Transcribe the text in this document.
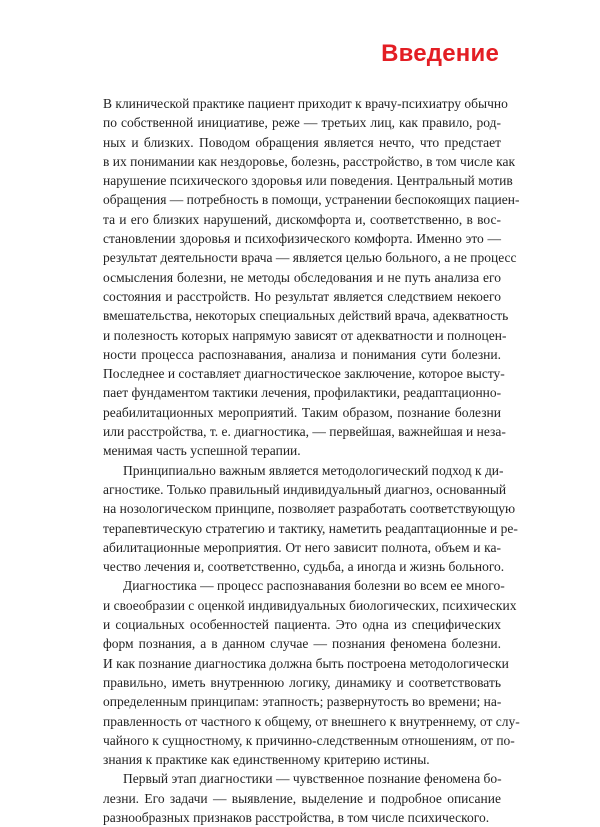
Введение
В клинической практике пациент приходит к врачу-психиатру обычно
по собственной инициативе, реже — третьих лиц, как правило, род-
ных и близких. Поводом обращения является нечто, что предстает
в их понимании как нездоровье, болезнь, расстройство, в том числе как
нарушение психического здоровья или поведения. Центральный мотив
обращения — потребность в помощи, устранении беспокоящих пациен-
та и его близких нарушений, дискомфорта и, соответственно, в вос-
становлении здоровья и психофизического комфорта. Именно это —
результат деятельности врача — является целью больного, а не процесс
осмысления болезни, не методы обследования и не путь анализа его
состояния и расстройств. Но результат является следствием некоего
вмешательства, некоторых специальных действий врача, адекватность
и полезность которых напрямую зависят от адекватности и полноцен-
ности процесса распознавания, анализа и понимания сути болезни.
Последнее и составляет диагностическое заключение, которое высту-
пает фундаментом тактики лечения, профилактики, реадаптационно-
реабилитационных мероприятий. Таким образом, познание болезни
или расстройства, т. е. диагностика, — первейшая, важнейшая и неза-
менимая часть успешной терапии.
Принципиально важным является методологический подход к ди-
агностике. Только правильный индивидуальный диагноз, основанный
на нозологическом принципе, позволяет разработать соответствующую
терапевтическую стратегию и тактику, наметить реадаптационные и ре-
абилитационные мероприятия. От него зависит полнота, объем и ка-
чество лечения и, соответственно, судьба, а иногда и жизнь больного.
Диагностика — процесс распознавания болезни во всем ее много-
и своеобразии с оценкой индивидуальных биологических, психических
и социальных особенностей пациента. Это одна из специфических
форм познания, а в данном случае — познания феномена болезни.
И как познание диагностика должна быть построена методологически
правильно, иметь внутреннюю логику, динамику и соответствовать
определенным принципам: этапность; развернутость во времени; на-
правленность от частного к общему, от внешнего к внутреннему, от слу-
чайного к сущностному, к причинно-следственным отношениям, от по-
знания к практике как единственному критерию истины.
Первый этап диагностики — чувственное познание феномена бо-
лезни. Его задачи — выявление, выделение и подробное описание
разнообразных признаков расстройства, в том числе психического.
